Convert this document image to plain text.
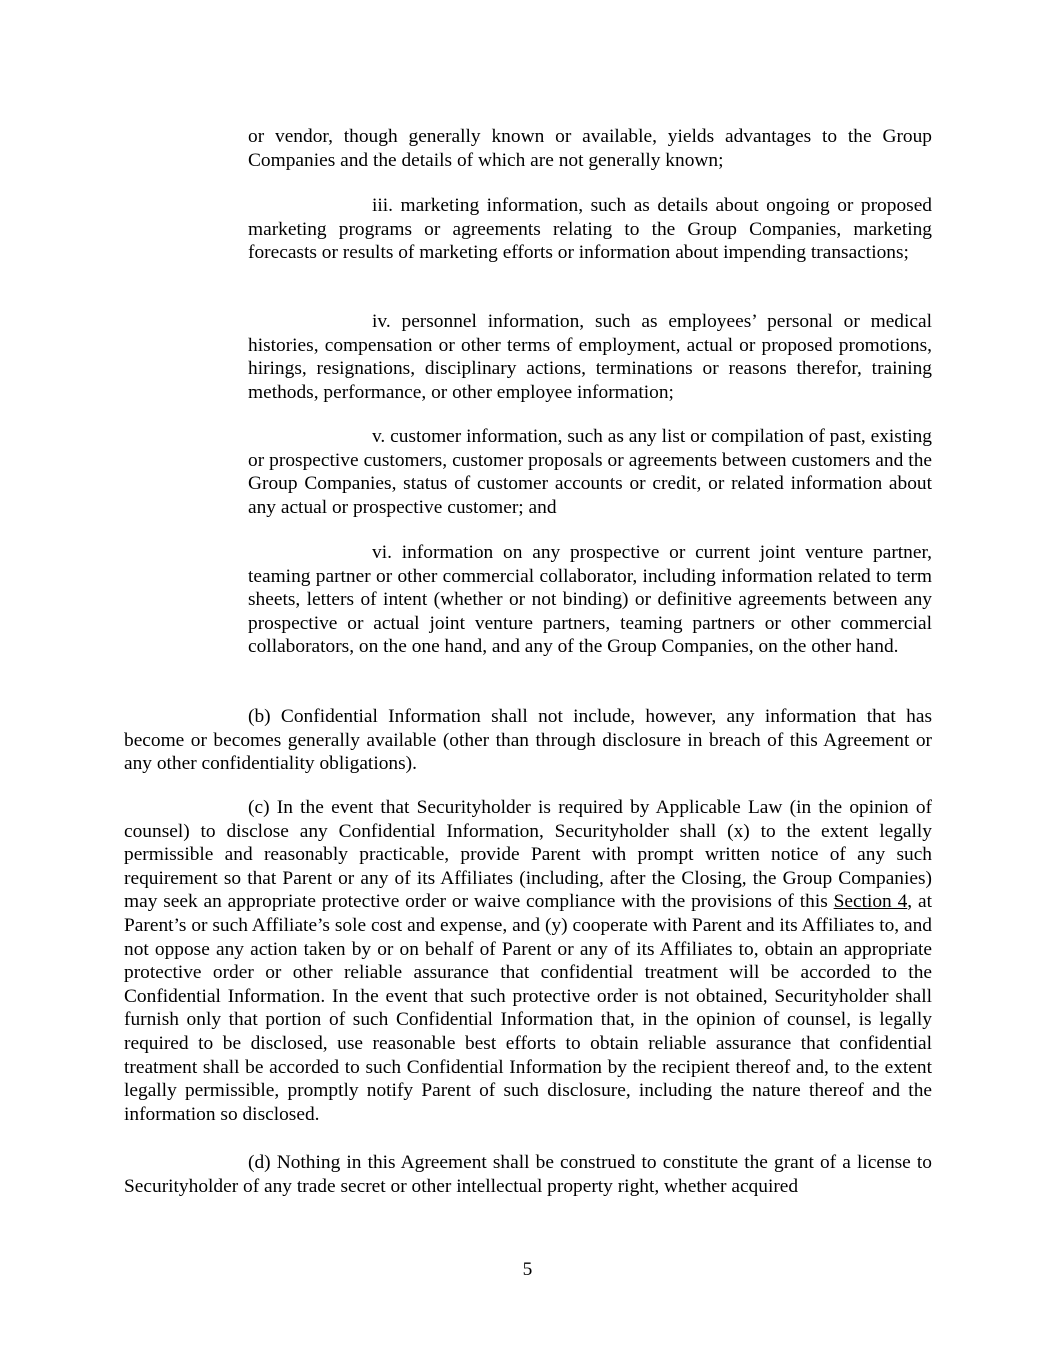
or vendor, though generally known or available, yields advantages to the Group Companies and the details of which are not generally known;

iii. marketing information, such as details about ongoing or proposed marketing programs or agreements relating to the Group Companies, marketing forecasts or results of marketing efforts or information about impending transactions;

iv. personnel information, such as employees’ personal or medical histories, compensation or other terms of employment, actual or proposed promotions, hirings, resignations, disciplinary actions, terminations or reasons therefor, training methods, performance, or other employee information;

v. customer information, such as any list or compilation of past, existing or prospective customers, customer proposals or agreements between customers and the Group Companies, status of customer accounts or credit, or related information about any actual or prospective customer; and

vi. information on any prospective or current joint venture partner, teaming partner or other commercial collaborator, including information related to term sheets, letters of intent (whether or not binding) or definitive agreements between any prospective or actual joint venture partners, teaming partners or other commercial collaborators, on the one hand, and any of the Group Companies, on the other hand.

(b) Confidential Information shall not include, however, any information that has become or becomes generally available (other than through disclosure in breach of this Agreement or any other confidentiality obligations).

(c) In the event that Securityholder is required by Applicable Law (in the opinion of counsel) to disclose any Confidential Information, Securityholder shall (x) to the extent legally permissible and reasonably practicable, provide Parent with prompt written notice of any such requirement so that Parent or any of its Affiliates (including, after the Closing, the Group Companies) may seek an appropriate protective order or waive compliance with the provisions of this Section 4, at Parent’s or such Affiliate’s sole cost and expense, and (y) cooperate with Parent and its Affiliates to, and not oppose any action taken by or on behalf of Parent or any of its Affiliates to, obtain an appropriate protective order or other reliable assurance that confidential treatment will be accorded to the Confidential Information. In the event that such protective order is not obtained, Securityholder shall furnish only that portion of such Confidential Information that, in the opinion of counsel, is legally required to be disclosed, use reasonable best efforts to obtain reliable assurance that confidential treatment shall be accorded to such Confidential Information by the recipient thereof and, to the extent legally permissible, promptly notify Parent of such disclosure, including the nature thereof and the information so disclosed.

(d) Nothing in this Agreement shall be construed to constitute the grant of a license to Securityholder of any trade secret or other intellectual property right, whether acquired

5
